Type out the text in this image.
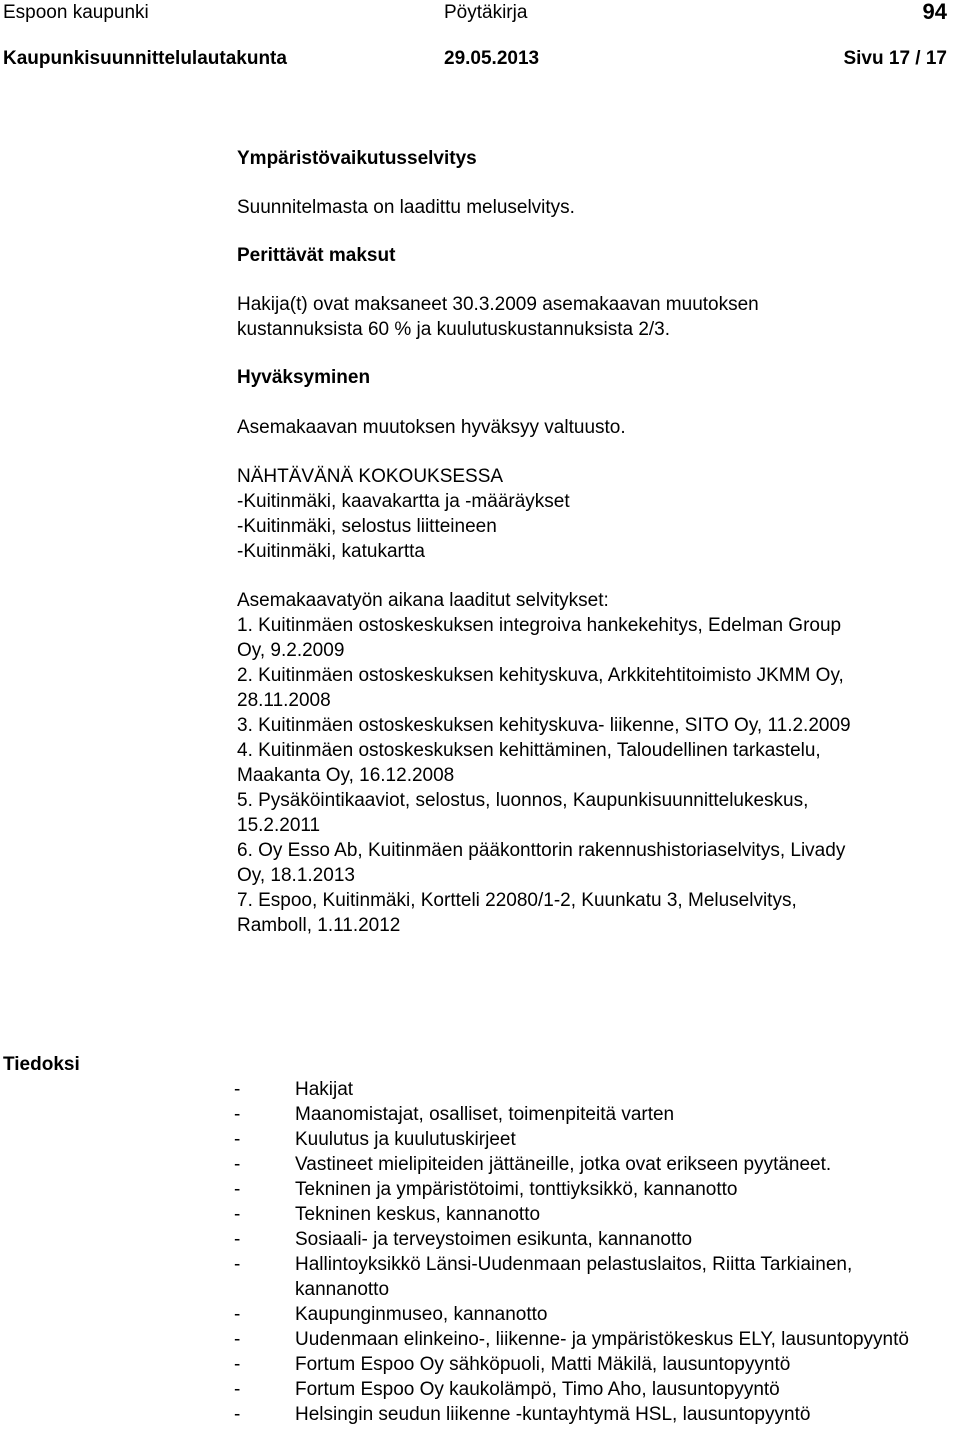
Espoon kaupunki	Pöytäkirja	94
Kaupunkisuunnittelulautakunta	29.05.2013	Sivu 17 / 17
Ympäristövaikutusselvitys
Suunnitelmasta on laadittu meluselvitys.
Perittävät maksut
Hakija(t) ovat maksaneet 30.3.2009 asemakaavan muutoksen
kustannuksista 60 % ja kuulutuskustannuksista 2/3.
Hyväksyminen
Asemakaavan muutoksen hyväksyy valtuusto.
NÄHTÄVÄNÄ KOKOUKSESSA
-Kuitinmäki, kaavakartta ja -määräykset
-Kuitinmäki, selostus liitteineen
-Kuitinmäki, katukartta
Asemakaavatyön aikana laaditut selvitykset:
1. Kuitinmäen ostoskeskuksen integroiva hankekehitys, Edelman Group
Oy, 9.2.2009
2. Kuitinmäen ostoskeskuksen kehityskuva, Arkkitehtitoimisto JKMM Oy,
28.11.2008
3. Kuitinmäen ostoskeskuksen kehityskuva- liikenne, SITO Oy, 11.2.2009
4. Kuitinmäen ostoskeskuksen kehittäminen, Taloudellinen tarkastelu,
Maakanta Oy, 16.12.2008
5. Pysäköintikaaviot, selostus, luonnos, Kaupunkisuunnittelukeskus,
15.2.2011
6. Oy Esso Ab, Kuitinmäen pääkonttorin rakennushistoriaselvitys, Livady
Oy, 18.1.2013
7. Espoo, Kuitinmäki, Kortteli 22080/1-2, Kuunkatu 3, Meluselvitys,
Ramboll, 1.11.2012
Tiedoksi
-	Hakijat
-	Maanomistajat, osalliset, toimenpiteitä varten
-	Kuulutus ja kuulutuskirjeet
-	Vastineet mielipiteiden jättäneille, jotka ovat erikseen pyytäneet.
-	Tekninen ja ympäristötoimi, tonttiyksikkö, kannanotto
-	Tekninen keskus, kannanotto
-	Sosiaali- ja terveystoimen esikunta, kannanotto
-	Hallintoyksikkö Länsi-Uudenmaan pelastuslaitos, Riitta Tarkiainen, kannanotto
-	Kaupunginmuseo, kannanotto
-	Uudenmaan elinkeino-, liikenne- ja ympäristökeskus ELY, lausuntopyyntö
-	Fortum Espoo Oy sähköpuoli, Matti Mäkilä, lausuntopyyntö
-	Fortum Espoo Oy kaukolämpö, Timo Aho, lausuntopyyntö
-	Helsingin seudun liikenne -kuntayhtymä HSL, lausuntopyyntö
